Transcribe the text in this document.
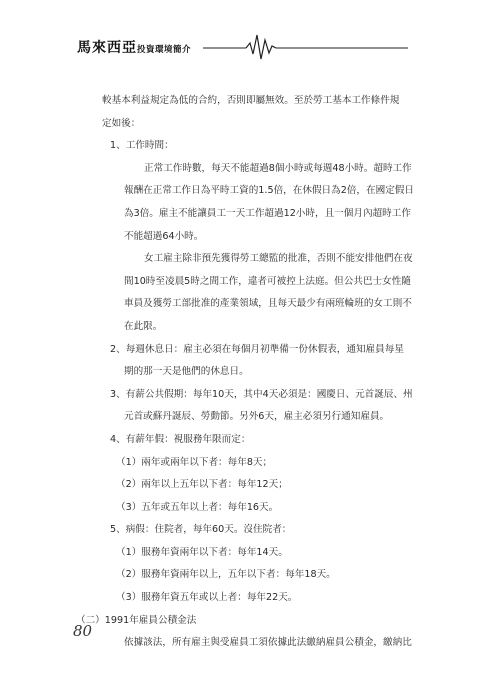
馬來西亞投資環境簡介
較基本利益規定為低的合約，否則即屬無效。至於勞工基本工作條件規
定如後：
1、工作時間：
正常工作時數，每天不能超過8個小時或每週48小時。超時工作
報酬在正常工作日為平時工資的1.5倍，在休假日為2倍，在國定假日
為3倍。雇主不能讓員工一天工作超過12小時，且一個月內超時工作
不能超過64小時。
女工雇主除非預先獲得勞工總監的批准，否則不能安排他們在夜
間10時至凌晨5時之間工作，違者可被控上法庭。但公共巴士女性隨
車員及獲勞工部批准的產業領域，且每天最少有兩班輪班的女工則不
在此限。
2、每週休息日：雇主必須在每個月初準備一份休假表，通知雇員每星
期的那一天是他們的休息日。
3、有薪公共假期：每年10天，其中4天必須是：國慶日、元首誕辰、州
元首或蘇丹誕辰、勞動節。另外6天，雇主必須另行通知雇員。
4、有薪年假：視服務年限而定：
（1）兩年或兩年以下者：每年8天；
（2）兩年以上五年以下者：每年12天；
（3）五年或五年以上者：每年16天。
5、病假：住院者，每年60天。沒住院者：
（1）服務年資兩年以下者：每年14天。
（2）服務年資兩年以上，五年以下者：每年18天。
（3）服務年資五年或以上者：每年22天。
（二）1991年雇員公積金法
依據該法，所有雇主與受雇員工須依據此法繳納雇員公積金，繳納比
80
